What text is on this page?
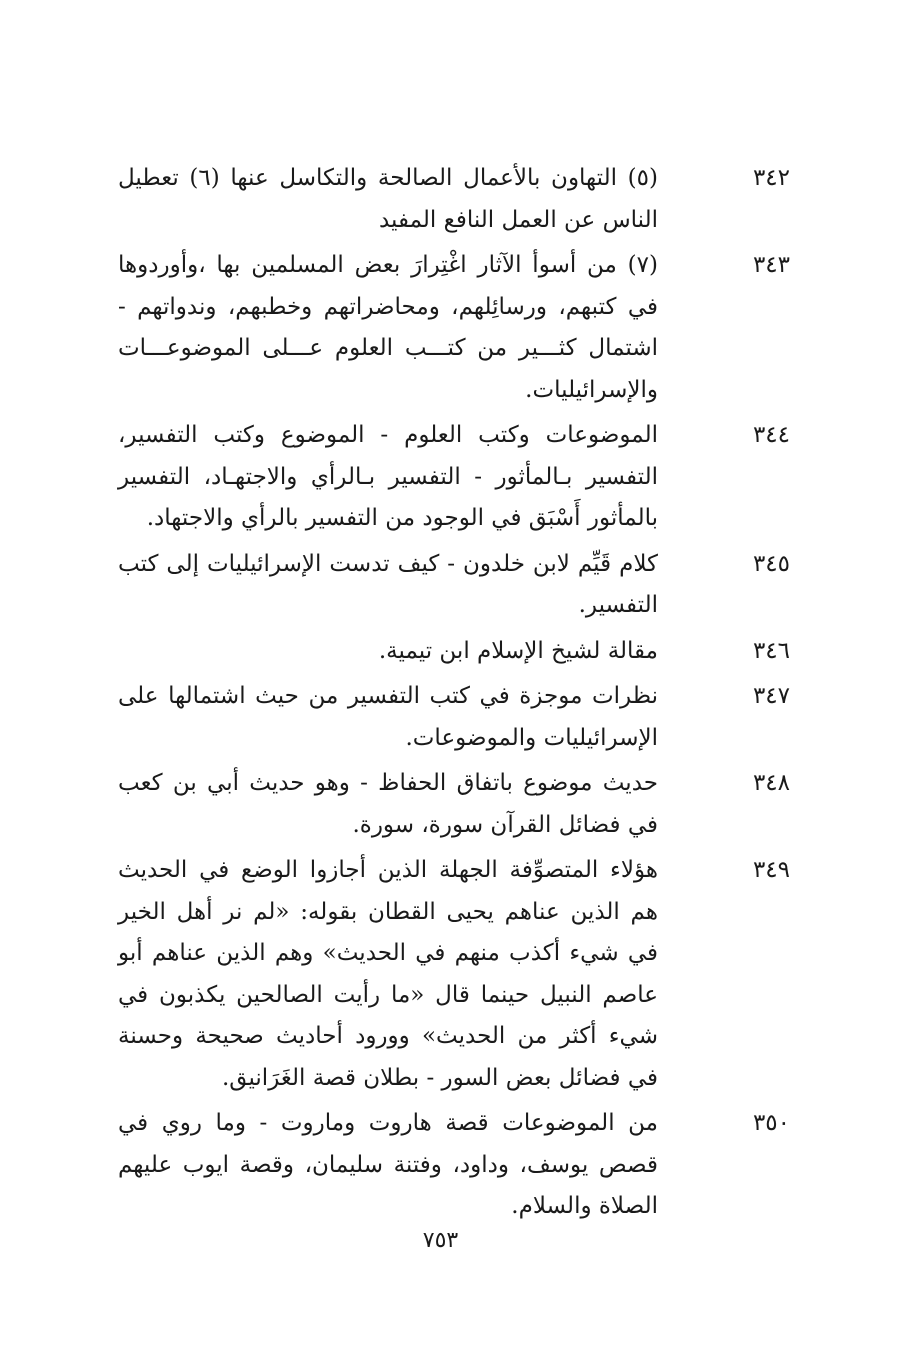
٣٤٢
(٥) التهاون بالأعمال الصالحة والتكاسل عنها (٦) تعطيل الناس عن العمل النافع المفيد
٣٤٣
(٧) من أسوأ الآثار اغْتِرارَ بعض المسلمين بها ،وأوردوها في كتبهم، ورسائِلهم، ومحاضراتهم وخطبهم، وندواتهم - اشتمال كثـــير من كتـــب العلوم عـــلى الموضوعـــات والإسرائيليات.
٣٤٤
الموضوعات وكتب العلوم - الموضوع وكتب التفسير، التفسير بـالمأثور - التفسير بـالرأي والاجتهـاد، التفسير بالمأثور أَسْبَق في الوجود من التفسير بالرأي والاجتهاد.
٣٤٥
كلام قَيِّم لابن خلدون - كيف تدست الإسرائيليات إلى كتب التفسير.
٣٤٦
مقالة لشيخ الإسلام ابن تيمية.
٣٤٧
نظرات موجزة في كتب التفسير من حيث اشتمالها على الإسرائيليات والموضوعات.
٣٤٨
حديث موضوع باتفاق الحفاظ - وهو حديث أبي بن كعب في فضائل القرآن سورة، سورة.
٣٤٩
هؤلاء المتصوِّفة الجهلة الذين أجازوا الوضع في الحديث هم الذين عناهم يحيى القطان بقوله: «لم نر أهل الخير في شيء أكذب منهم في الحديث» وهم الذين عناهم أبو عاصم النبيل حينما قال «ما رأيت الصالحين يكذبون في شيء أكثر من الحديث» وورود أحاديث صحيحة وحسنة في فضائل بعض السور - بطلان قصة الغَرَانيق.
٣٥٠
من الموضوعات قصة هاروت وماروت - وما روي في قصص يوسف، وداود، وفتنة سليمان، وقصة ايوب عليهم الصلاة والسلام.
٧٥٣
